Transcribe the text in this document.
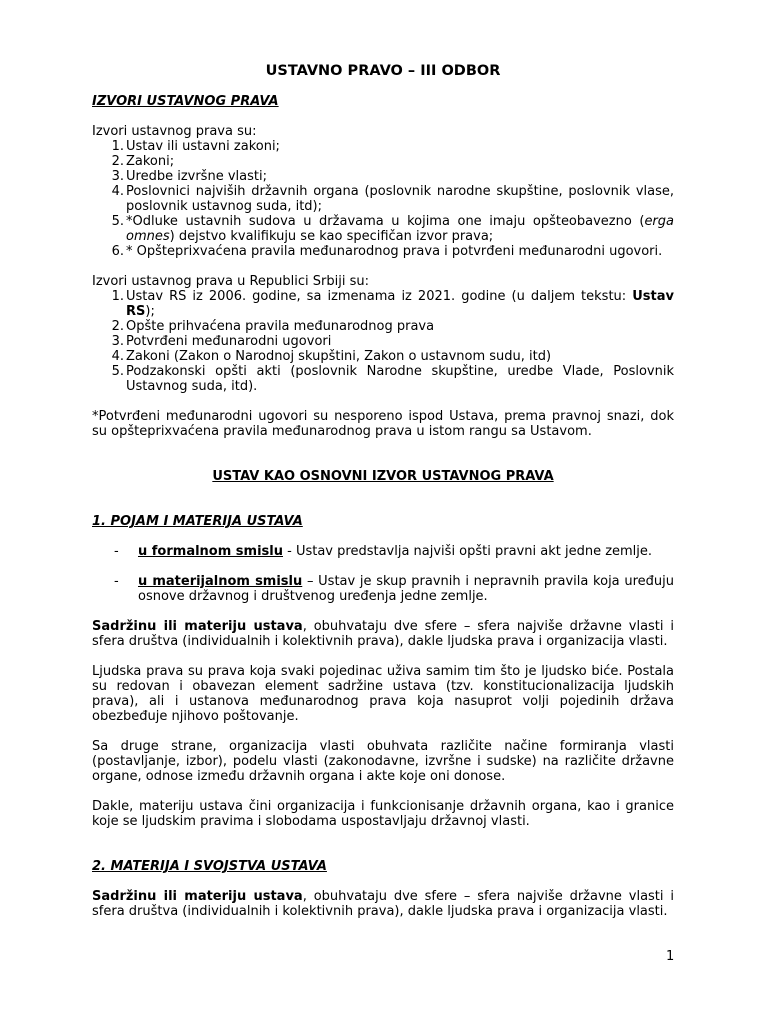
USTAVNO PRAVO – III ODBOR
IZVORI USTAVNOG PRAVA

Izvori ustavnog prava su:

1. Ustav ili ustavni zakoni;
2. Zakoni;
3. Uredbe izvršne vlasti;
4. Poslovnici najviših državnih organa (poslovnik narodne skupštine, poslovnik vlase, poslovnik ustavnog suda, itd);
5. *Odluke ustavnih sudova u državama u kojima one imaju opšteobavezno (erga omnes) dejstvo kvalifikuju se kao specifičan izvor prava;
6. * Opštepriхvaćena pravila međunarodnog prava i potvrđeni međunarodni ugovori.

Izvori ustavnog prava u Republici Srbiji su:

1. Ustav RS iz 2006. godine, sa izmenama iz 2021. godine (u daljem tekstu: Ustav RS);
2. Opšte prihvaćena pravila međunarodnog prava
3. Potvrđeni međunarodni ugovori
4. Zakoni (Zakon o Narodnoj skupštini, Zakon o ustavnom sudu, itd)
5. Podzakonski opšti akti (poslovnik Narodne skupštine, uredbe Vlade, Poslovnik Ustavnog suda, itd).

*Potvrđeni međunarodni ugovori su nesporeno ispod Ustava, prema pravnoj snazi, dok su opštepriхvaćena pravila međunarodnog prava u istom rangu sa Ustavom.

USTAV KAO OSNOVNI IZVOR USTAVNOG PRAVA
1. POJAM I MATERIJA USTAVA
- u formalnom smislu - Ustav predstavlja najviši opšti pravni akt jedne zemlje.
- u materijalnom smislu – Ustav je skup pravnih i nepravnih pravila koja uređuju osnove državnog i društvenog uređenja jedne zemlje.

Sadržinu ili materiju ustava, obuhvataju dve sfere – sfera najviše državne vlasti i sfera društva (individualnih i kolektivnih prava), dakle ljudska prava i organizacija vlasti.

Ljudska prava su prava koja svaki pojedinac uživa samim tim što je ljudsko biće. Postala su redovan i obavezan element sadržine ustava (tzv. konstitucionalizacija ljudskih prava), ali i ustanova međunarodnog prava koja nasuprot volji pojedinih država obezbeđuje njihovo poštovanje.

Sa druge strane, organizacija vlasti obuhvata različite načine formiranja vlasti (postavljanje, izbor), podelu vlasti (zakonodavne, izvršne i sudske) na različite državne organe, odnose između državnih organa i akte koje oni donose.

Dakle, materiju ustava čini organizacija i funkcionisanje državnih organa, kao i granice koje se ljudskim pravima i slobodama uspostavljaju državnoj vlasti.

2. MATERIJA I SVOJSTVA USTAVA

Sadržinu ili materiju ustava, obuhvataju dve sfere – sfera najviše državne vlasti i sfera društva (individualnih i kolektivnih prava), dakle ljudska prava i organizacija vlasti.

1
